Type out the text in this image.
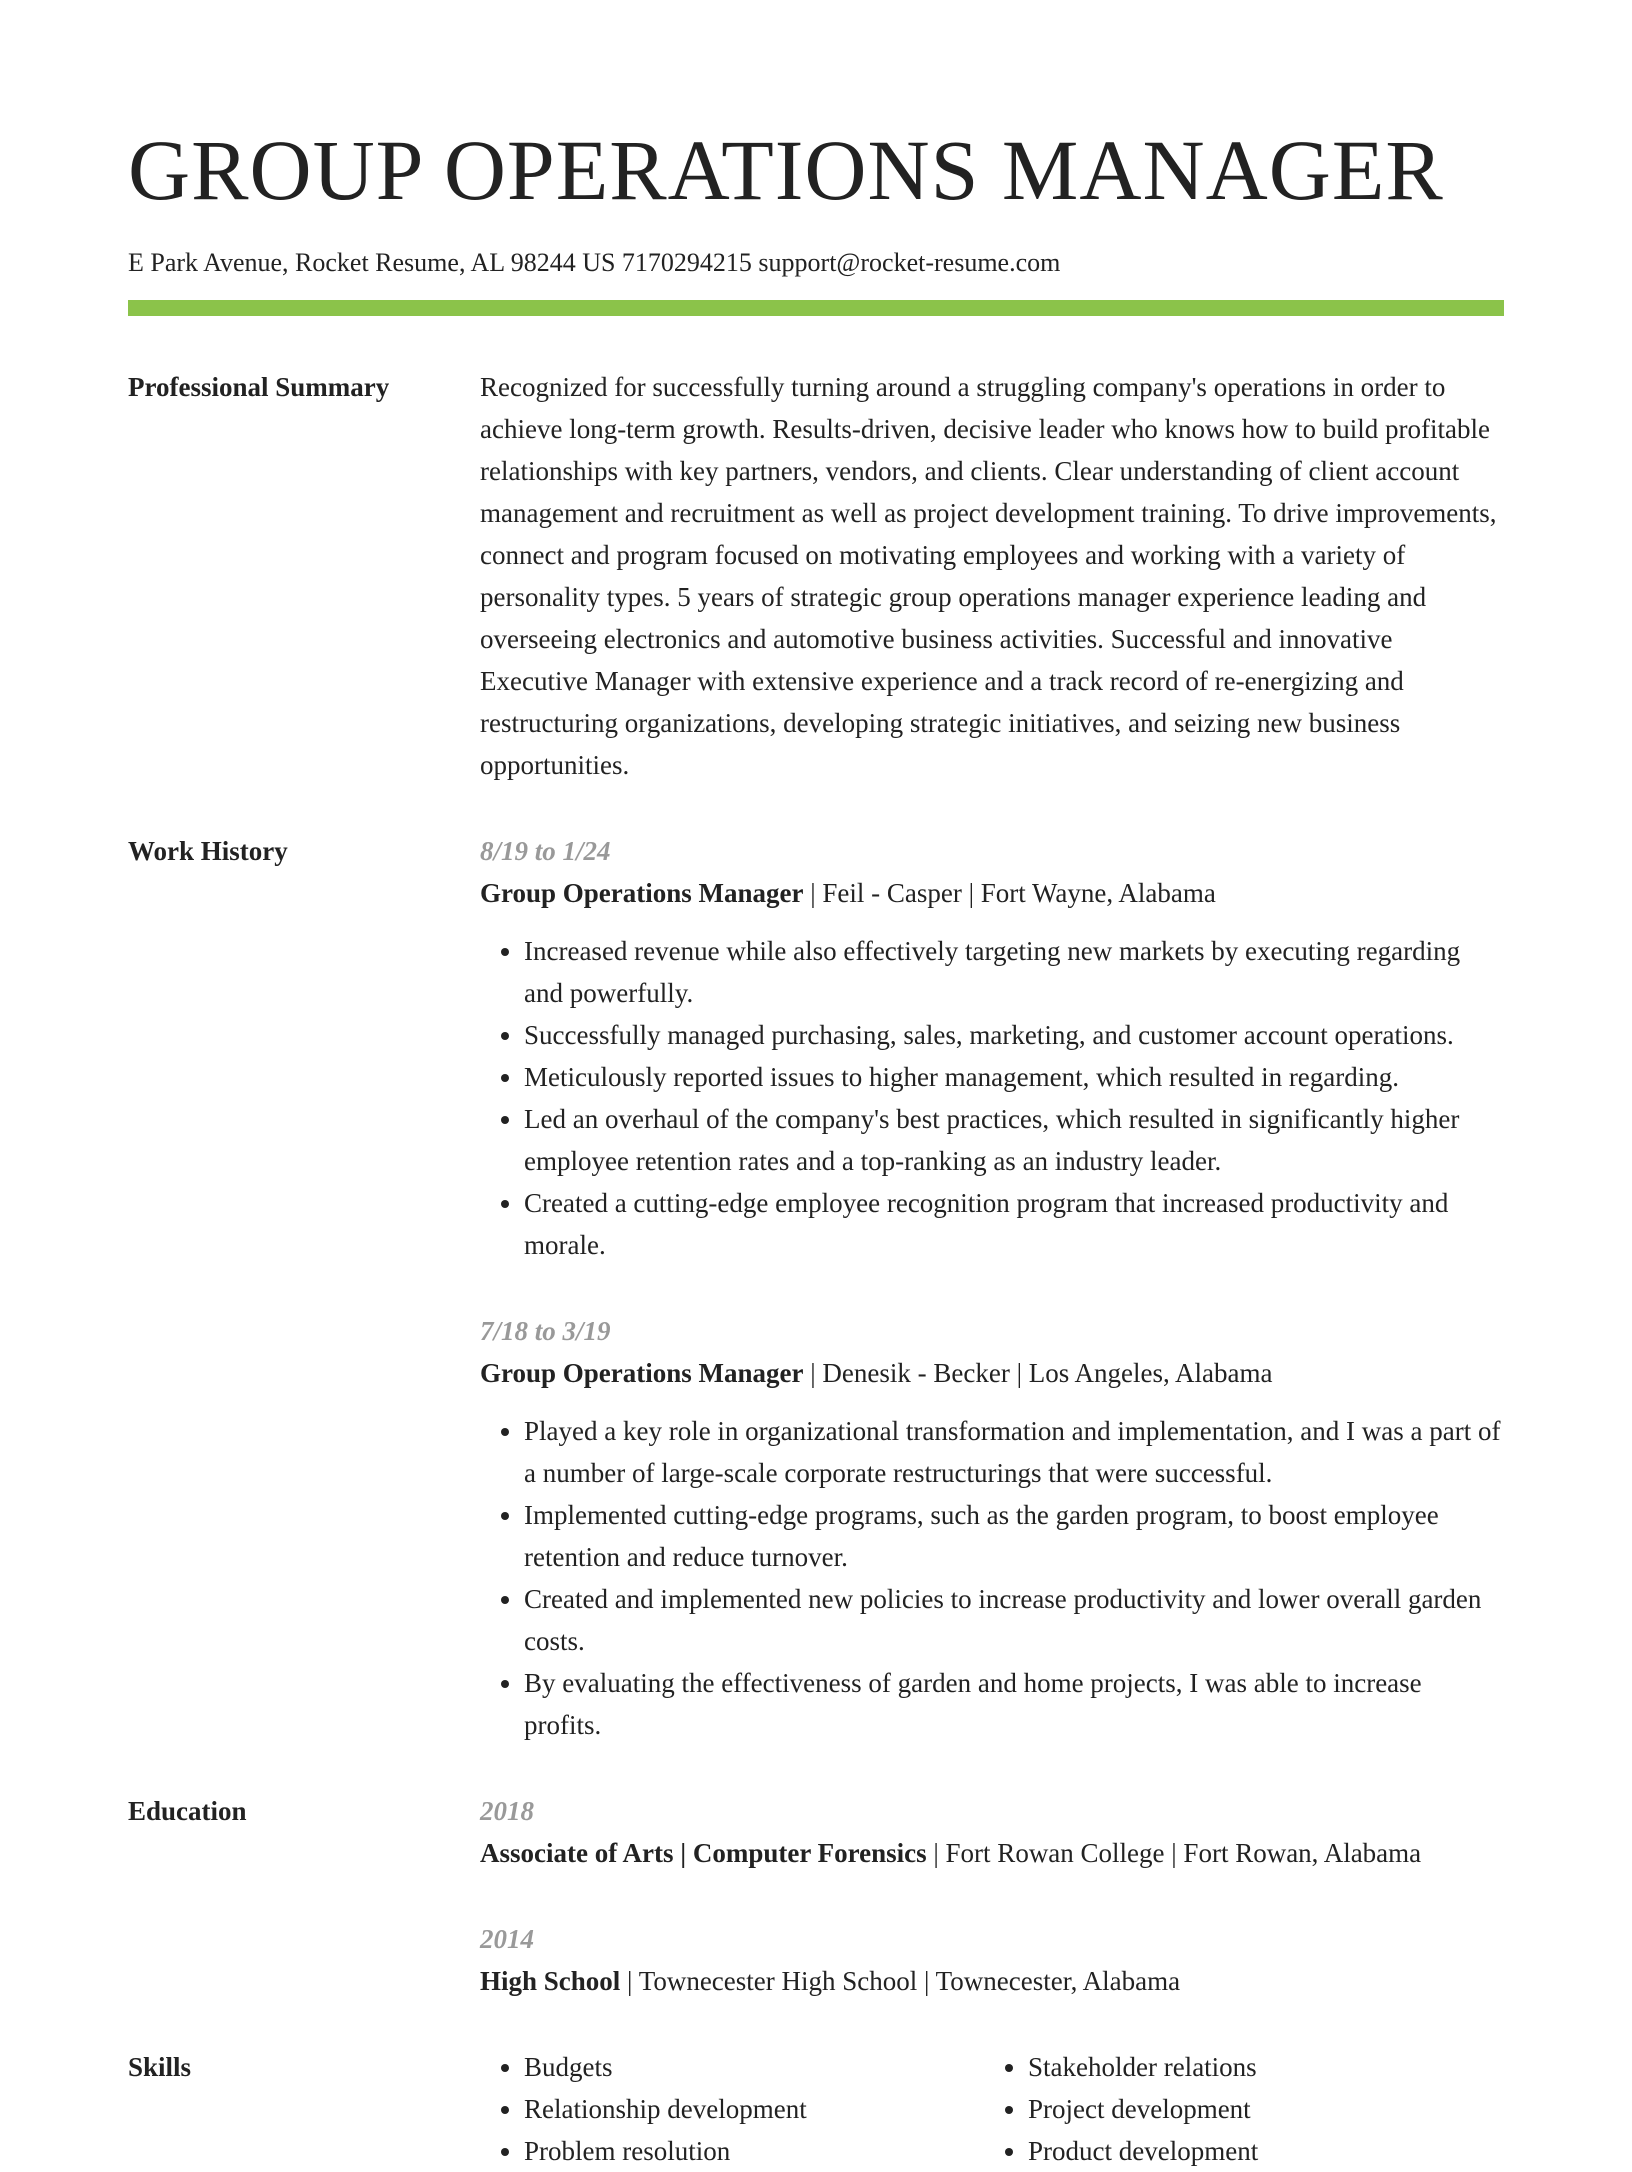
GROUP OPERATIONS MANAGER
E Park Avenue, Rocket Resume, AL 98244 US 7170294215 support@rocket-resume.com
Professional Summary	Recognized for successfully turning around a struggling company's operations in order to achieve long-term growth. Results-driven, decisive leader who knows how to build profitable relationships with key partners, vendors, and clients. Clear understanding of client account management and recruitment as well as project development training. To drive improvements, connect and program focused on motivating employees and working with a variety of personality types. 5 years of strategic group operations manager experience leading and overseeing electronics and automotive business activities. Successful and innovative Executive Manager with extensive experience and a track record of re-energizing and restructuring organizations, developing strategic initiatives, and seizing new business opportunities.

Work History	8/19 to 1/24
Group Operations Manager | Feil - Casper | Fort Wayne, Alabama
• Increased revenue while also effectively targeting new markets by executing regarding and powerfully.
• Successfully managed purchasing, sales, marketing, and customer account operations.
• Meticulously reported issues to higher management, which resulted in regarding.
• Led an overhaul of the company's best practices, which resulted in significantly higher employee retention rates and a top-ranking as an industry leader.
• Created a cutting-edge employee recognition program that increased productivity and morale.
7/18 to 3/19
Group Operations Manager | Denesik - Becker | Los Angeles, Alabama
• Played a key role in organizational transformation and implementation, and I was a part of a number of large-scale corporate restructurings that were successful.
• Implemented cutting-edge programs, such as the garden program, to boost employee retention and reduce turnover.
• Created and implemented new policies to increase productivity and lower overall garden costs.
• By evaluating the effectiveness of garden and home projects, I was able to increase profits.
Education	2018
Associate of Arts | Computer Forensics | Fort Rowan College | Fort Rowan, Alabama
2014
High School | Townecester High School | Townecester, Alabama
Skills
•	Budgets
• Relationship development
• Problem resolution
• Stakeholder relations
• Project development
• Product development
